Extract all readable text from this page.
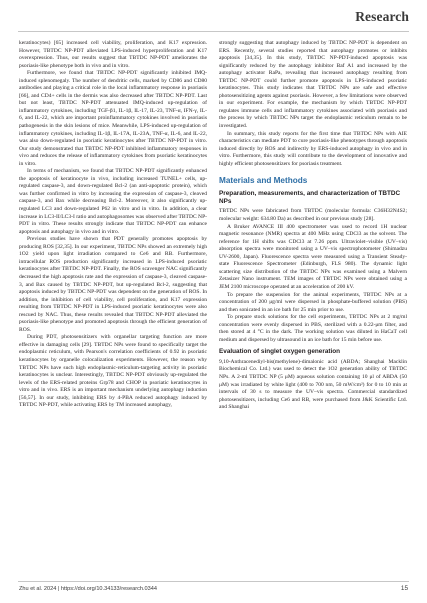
Research

keratinocytes) [65] increased cell viability, proliferation, and K17 expression. However, TBTDC NP-PDT alleviated LPS-induced hyperproliferation and K17 overexpression. Thus, our results suggest that TBTDC NP-PDT ameliorates the psoriasis-like phenotype both in vivo and in vitro.

Furthermore, we found that TBTDC NP-PDT significantly inhibited IMQ-induced splenomegaly. The number of dendritic cells, marked by CD86 and CD80 antibodies and playing a critical role in the local inflammatory response in psoriasis [66], and CD4+ cells in the dermis was also decreased after TBTDC NP-PDT. Last but not least, TBTDC NP-PDT attenuated IMQ-induced up-regulation of inflammatory cytokines, including TGF-β1, IL-1β, IL-17, IL-23, TNF-α, IFN-γ, IL-6, and IL-22, which are important proinflammatory cytokines involved in psoriasis pathogenesis in the skin lesions of mice. Meanwhile, LPS-induced up-regulation of inflammatory cytokines, including IL-1β, IL-17A, IL-23A, TNF-α, IL-6, and IL-22, was also down-regulated in psoriatic keratinocytes after TBTDC NP-PDT in vitro. Our study demonstrated that TBTDC NP-PDT inhibited inflammatory responses in vivo and reduces the release of inflammatory cytokines from psoriatic keratinocytes in vitro.

In terms of mechanism, we found that TBTDC NP-PDT significantly enhanced the apoptosis of keratinocyte in vivo, including increased TUNEL+ cells, up-regulated caspase-3, and down-regulated Bcl-2 (an anti-apoptotic protein), which was further confirmed in vitro by increasing the expression of caspase-3, cleaved caspase-3, and Bax while decreasing Bcl-2. Moreover, it also significantly up-regulated LC3 and down-regulated P62 in vitro and in vitro. In addition, a clear increase in LC3-II/LC3-I ratio and autophagosomes was observed after TBTDC NP-PDT in vitro. These results strongly indicate that TBTDC NP-PDT can enhance apoptosis and autophagy in vivo and in vitro.

Previous studies have shown that PDT generally promotes apoptosis by producing ROS [32,35]. In our experiment, TBTDC NPs showed an extremely high 1O2 yield upon light irradiation compared to Ce6 and RB. Furthermore, intracellular ROS production significantly increased in LPS-induced psoriatic keratinocytes after TBTDC NP-PDT. Finally, the ROS scavenger NAC significantly decreased the high apoptosis rate and the expression of caspase-3, cleaved caspase-3, and Bax caused by TBTDC NP-PDT, but up-regulated Bcl-2, suggesting that apoptosis induced by TBTDC NP-PDT was dependent on the generation of ROS. In addition, the inhibition of cell viability, cell proliferation, and K17 expression resulting from TBTDC NP-PDT in LPS-induced psoriatic keratinocytes were also rescued by NAC. Thus, these results revealed that TBTDC NP-PDT alleviated the psoriasis-like phenotype and promoted apoptosis through the efficient generation of ROS.

During PDT, photosensitizers with organellar targeting function are more effective in damaging cells [29]. TBTDC NPs were found to specifically target the endoplasmic reticulum, with Pearson's correlation coefficients of 0.92 in psoriatic keratinocytes by organelle colocalization experiments. However, the reason why TBTDC NPs have such high endoplasmic-reticulum-targeting activity in psoriatic keratinocytes is unclear. Interestingly, TBTDC NP-PDT obviously up-regulated the levels of the ERS-related proteins Grp78 and CHOP in psoriatic keratinocytes in vitro and in vivo. ERS is an important mechanism underlying autophagy induction [56,57]. In our study, inhibiting ERS by 4-PBA reduced autophagy induced by TBTDC NP-PDT, while activating ERS by TM increased autophagy,

strongly suggesting that autophagy induced by TBTDC NP-PDT is dependent on ERS. Recently, several studies reported that autophagy promotes or inhibits apoptosis [34,35]. In this study, TBTDC NP-PDT-induced apoptosis was significantly reduced by the autophagy inhibitor Baf A1 and increased by the autophagy activator RaPa, revealing that increased autophagy resulting from TBTDC NP-PDT could further promote apoptosis in LPS-induced psoriatic keratinocytes. This study indicates that TBTDC NPs are safe and effective photosensitizing agents against psoriasis. However, a few limitations were observed in our experiment. For example, the mechanism by which TBTDC NP-PDT regulates immune cells and inflammatory cytokines associated with psoriasis and the process by which TBTDC NPs target the endoplasmic reticulum remain to be investigated.

In summary, this study reports for the first time that TBTDC NPs with AIE characteristics can mediate PDT to cure psoriasis-like phenotypes through apoptosis induced directly by ROS and indirectly by ERS-induced autophagy in vivo and in vitro. Furthermore, this study will contribute to the development of innovative and highly efficient photosensitizers for psoriasis treatment.

Materials and Methods
Preparation, measurements, and characterization of TBTDC NPs

TBTDC NPs were fabricated from TBTDC (molecular formula: C36H32N4S2; molecular weight: 634.80 Da) as described in our previous study [28].

A Bruker AVANCE III 400 spectrometer was used to record 1H nuclear magnetic resonance (NMR) spectra at 400 MHz using CDCl3 as the solvent. The reference for 1H shifts was CDCl3 at 7.26 ppm. Ultraviolet–visible (UV–vis) absorption spectra were monitored using a UV–vis spectrophotometer (Shimadzu UV-2600, Japan). Fluorescence spectra were measured using a Transient Steady-state Fluorescence Spectrometer (Edinburgh, FLS 980). The dynamic light scattering size distribution of the TBTDC NPs was examined using a Malvern Zetasizer Nano instrument. TEM images of TBTDC NPs were obtained using a JEM 2100 microscope operated at an acceleration of 200 kV.

To prepare the suspension for the animal experiments, TBTDC NPs at a concentration of 200 μg/ml were dispersed in phosphate-buffered solution (PBS) and then sonicated in an ice bath for 25 min prior to use.

To prepare stock solutions for the cell experiments, TBTDC NPs at 2 mg/ml concentration were evenly dispersed in PBS, sterilized with a 0.22-μm filter, and then stored at 4 °C in the dark. The working solution was diluted in HaCaT cell medium and dispersed by ultrasound in an ice bath for 15 min before use.

Evaluation of singlet oxygen generation

9,10-Anthracenediyl-bis(methylene)-dimalonic acid (ABDA; Shanghai Macklin Biochemical Co. Ltd.) was used to detect the 1O2 generation ability of TBTDC NPs. A 2-ml TBTDC NP (5 μM) aqueous solution containing 10 μl of ABDA (50 μM) was irradiated by white light (400 to 700 nm, 50 mW/cm²) for 0 to 10 min at intervals of 30 s to measure the UV–vis spectra. Commercial standardized photosensitizers, including Ce6 and RB, were purchased from J&K Scientific Ltd. and Shanghai

Zhu et al. 2024 | https://doi.org/10.34133/research.0344	15
